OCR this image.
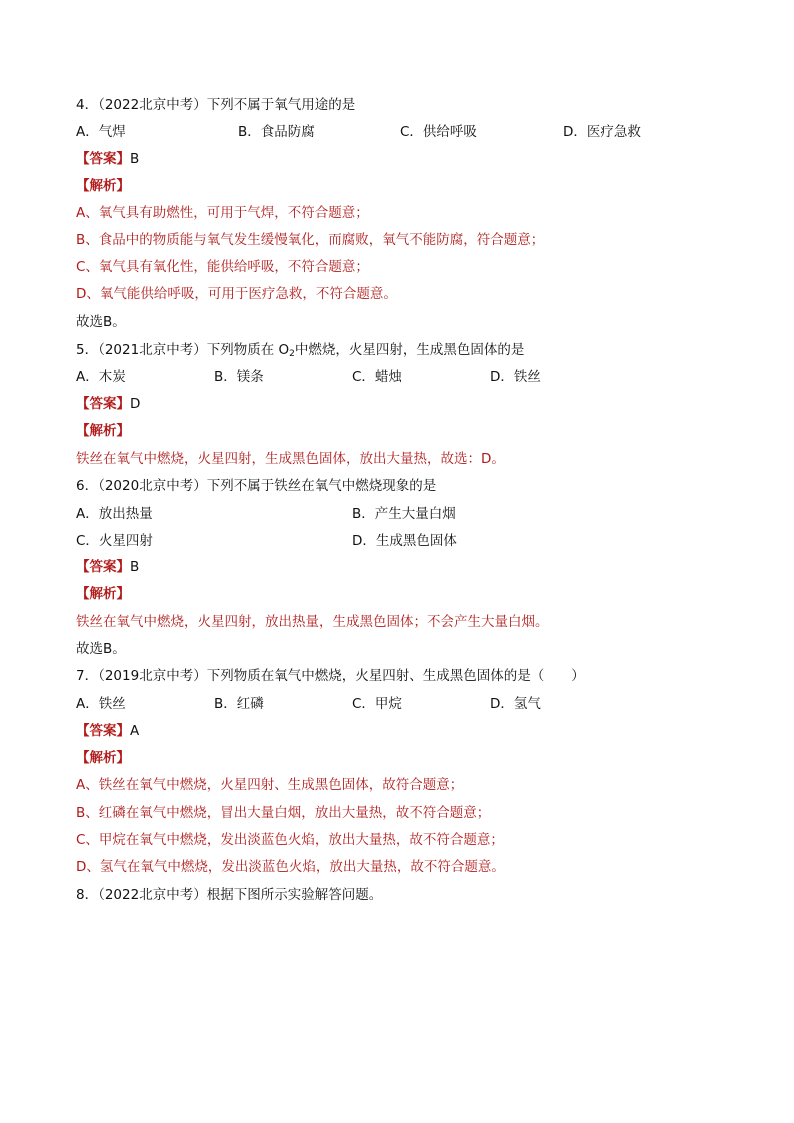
4．（2022北京中考）下列不属于氧气用途的是
A．气焊	B．食品防腐	C．供给呼吸	D．医疗急救
【答案】B
【解析】
A、氧气具有助燃性，可用于气焊，不符合题意；
B、食品中的物质能与氧气发生缓慢氧化，而腐败，氧气不能防腐，符合题意；
C、氧气具有氧化性，能供给呼吸，不符合题意；
D、氧气能供给呼吸，可用于医疗急救，不符合题意。
故选B。
5．（2021北京中考）下列物质在 $O_2$中燃烧，火星四射，生成黑色固体的是
A．木炭	B．镁条	C．蜡烛	D．铁丝
【答案】D
【解析】
铁丝在氧气中燃烧，火星四射，生成黑色固体，放出大量热，故选：D。
6．（2020北京中考）下列不属于铁丝在氧气中燃烧现象的是
A．放出热量	B．产生大量白烟
C．火星四射	D．生成黑色固体
【答案】B
【解析】
铁丝在氧气中燃烧，火星四射，放出热量，生成黑色固体；不会产生大量白烟。
故选B。
7．（2019北京中考）下列物质在氧气中燃烧，火星四射、生成黑色固体的是（　　）
A．铁丝	B．红磷	C．甲烷	D．氢气
【答案】A
【解析】
A、铁丝在氧气中燃烧，火星四射、生成黑色固体，故符合题意；
B、红磷在氧气中燃烧，冒出大量白烟，放出大量热，故不符合题意；
C、甲烷在氧气中燃烧，发出淡蓝色火焰，放出大量热，故不符合题意；
D、氢气在氧气中燃烧，发出淡蓝色火焰，放出大量热，故不符合题意。
8．（2022北京中考）根据下图所示实验解答问题。
